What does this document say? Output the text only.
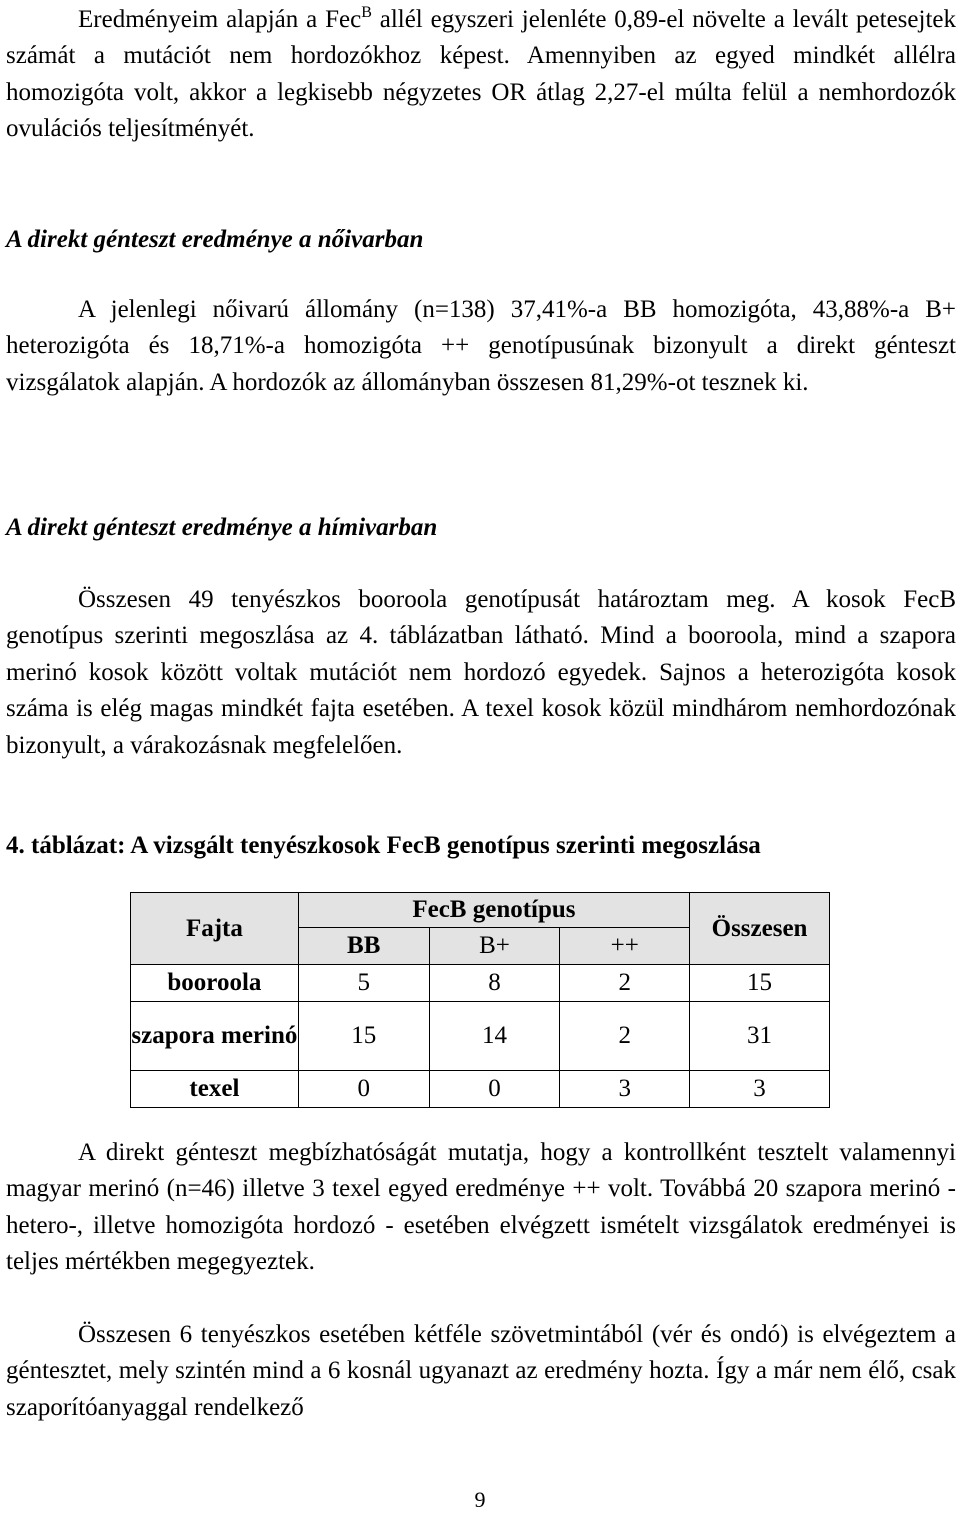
Eredményeim alapján a Fec$^B$ allél egyszeri jelenléte 0,89-el növelte a levált petesejtek számát a mutációt nem hordozókhoz képest. Amennyiben az egyed mindkét allélra homozigóta volt, akkor a legkisebb négyzetes OR átlag 2,27-el múlta felül a nemhordozók ovulációs teljesítményét.

A direkt génteszt eredménye a nőivarban

A jelenlegi nőivarú állomány (n=138) 37,41%-a BB homozigóta, 43,88%-a B+ heterozigóta és 18,71%-a homozigóta ++ genotípusúnak bizonyult a direkt génteszt vizsgálatok alapján. A hordozók az állományban összesen 81,29%-ot tesznek ki.

A direkt génteszt eredménye a hímivarban

Összesen 49 tenyészkos booroola genotípusát határoztam meg. A kosok FecB genotípus szerinti megoszlása az 4. táblázatban látható. Mind a booroola, mind a szapora merinó kosok között voltak mutációt nem hordozó egyedek. Sajnos a heterozigóta kosok száma is elég magas mindkét fajta esetében. A texel kosok közül mindhárom nemhordozónak bizonyult, a várakozásnak megfelelően.

4. táblázat: A vizsgált tenyészkosok FecB genotípus szerinti megoszlása
Fajta	FecB genotípus			Összesen
	BB	B+	++	
booroola	5	8	2	15
szapora merinó	15	14	2	31
texel	0	0	3	3

A direkt génteszt megbízhatóságát mutatja, hogy a kontrollként tesztelt valamennyi magyar merinó (n=46) illetve 3 texel egyed eredménye ++ volt. Továbbá 20 szapora merinó - hetero-, illetve homozigóta hordozó - esetében elvégzett ismételt vizsgálatok eredményei is teljes mértékben megegyeztek.

Összesen 6 tenyészkos esetében kétféle szövetmintából (vér és ondó) is elvégeztem a géntesztet, mely szintén mind a 6 kosnál ugyanazt az eredmény hozta. Így a már nem élő, csak szaporítóanyaggal rendelkező

9
